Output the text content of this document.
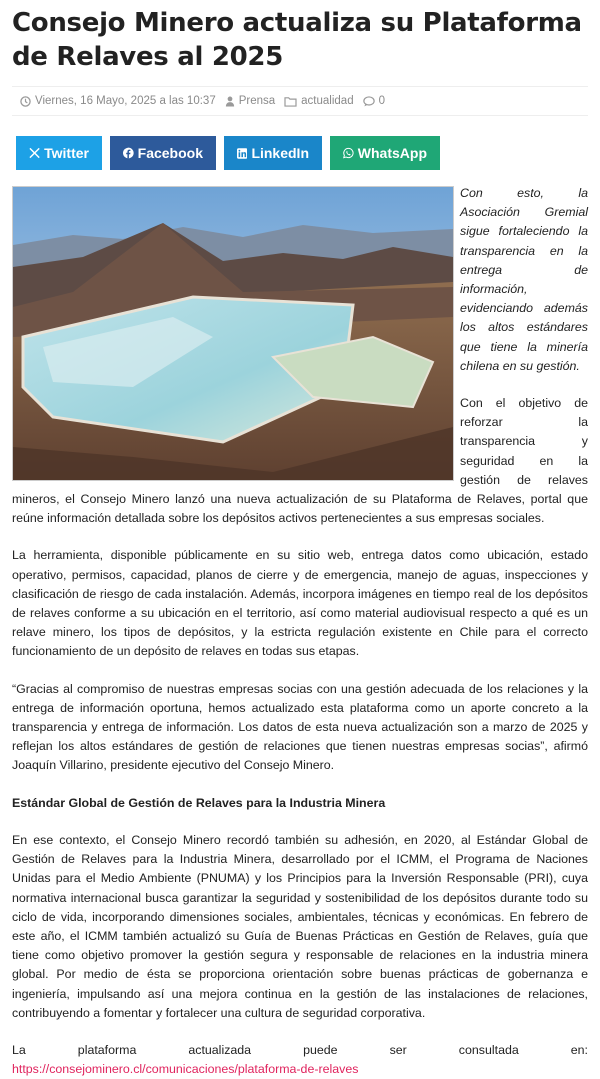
Consejo Minero actualiza su Plataforma de Relaves al 2025
Viernes, 16 Mayo, 2025 a las 10:37 Prensa actualidad 0
Twitter	Facebook	LinkedIn	WhatsApp

Con esto, la Asociación Gremial sigue fortaleciendo la transparencia en la entrega de información, evidenciando además los altos estándares que tiene la minería chilena en su gestión.

Con el objetivo de reforzar la transparencia y seguridad en la gestión de relaves mineros, el Consejo Minero lanzó una nueva actualización de su Plataforma de Relaves, portal que reúne información detallada sobre los depósitos activos pertenecientes a sus empresas sociales.

La herramienta, disponible públicamente en su sitio web, entrega datos como ubicación, estado operativo, permisos, capacidad, planos de cierre y de emergencia, manejo de aguas, inspecciones y clasificación de riesgo de cada instalación. Además, incorpora imágenes en tiempo real de los depósitos de relaves conforme a su ubicación en el territorio, así como material audiovisual respecto a qué es un relave minero, los tipos de depósitos, y la estricta regulación existente en Chile para el correcto funcionamiento de un depósito de relaves en todas sus etapas.

“Gracias al compromiso de nuestras empresas socias con una gestión adecuada de los relaciones y la entrega de información oportuna, hemos actualizado esta plataforma como un aporte concreto a la transparencia y entrega de información. Los datos de esta nueva actualización son a marzo de 2025 y reflejan los altos estándares de gestión de relaciones que tienen nuestras empresas socias”, afirmó Joaquín Villarino, presidente ejecutivo del Consejo Minero.

Estándar Global de Gestión de Relaves para la Industria Minera

En ese contexto, el Consejo Minero recordó también su adhesión, en 2020, al Estándar Global de Gestión de Relaves para la Industria Minera, desarrollado por el ICMM, el Programa de Naciones Unidas para el Medio Ambiente (PNUMA) y los Principios para la Inversión Responsable (PRI), cuya normativa internacional busca garantizar la seguridad y sostenibilidad de los depósitos durante todo su ciclo de vida, incorporando dimensiones sociales, ambientales, técnicas y económicas. En febrero de este año, el ICMM también actualizó su Guía de Buenas Prácticas en Gestión de Relaves, guía que tiene como objetivo promover la gestión segura y responsable de relaciones en la industria minera global. Por medio de ésta se proporciona orientación sobre buenas prácticas de gobernanza e ingeniería, impulsando así una mejora continua en la gestión de las instalaciones de relaciones, contribuyendo a fomentar y fortalecer una cultura de seguridad corporativa.

La plataforma actualizada puede ser consultada en: https://consejominero.cl/comunicaciones/plataforma-de-relaves
